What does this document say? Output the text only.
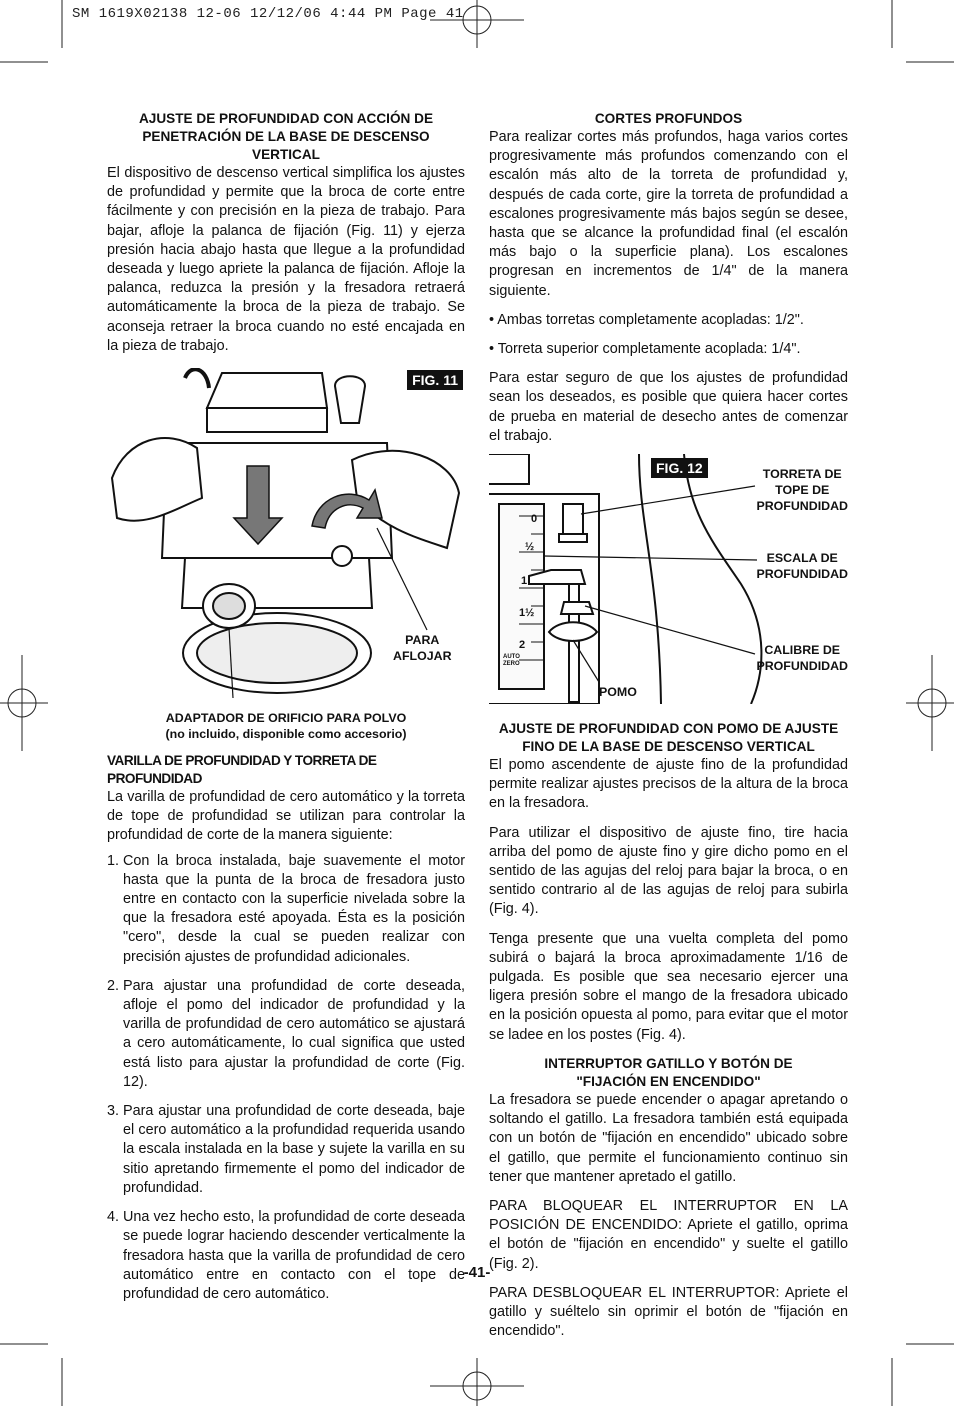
SM 1619X02138 12-06 12/12/06 4:44 PM Page 41
AJUSTE DE PROFUNDIDAD CON ACCIÓN DE
PENETRACIÓN DE LA BASE DE DESCENSO VERTICAL

El dispositivo de descenso vertical simplifica los ajustes de profundidad y permite que la broca de corte entre fácilmente y con precisión en la pieza de trabajo. Para bajar, afloje la palanca de fijación (Fig. 11) y ejerza presión hacia abajo hasta que llegue a la profundidad deseada y luego apriete la palanca de fijación. Afloje la palanca, reduzca la presión y la fresadora retraerá automáticamente la broca de la pieza de trabajo. Se aconseja retraer la broca cuando no esté encajada en la pieza de trabajo.

FIG. 11
PARA
AFLOJAR
ADAPTADOR DE ORIFICIO PARA POLVO
(no incluido, disponible como accesorio)
VARILLA DE PROFUNDIDAD Y TORRETA DE PROFUNDIDAD

La varilla de profundidad de cero automático y la torreta de tope de profundidad se utilizan para controlar la profundidad de corte de la manera siguiente:

1. Con la broca instalada, baje suavemente el motor hasta que la punta de la broca de fresadora justo entre en contacto con la superficie nivelada sobre la que la fresadora esté apoyada. Ésta es la posición "cero", desde la cual se pueden realizar con precisión ajustes de profundidad adicionales.
2. Para ajustar una profundidad de corte deseada, afloje el pomo del indicador de profundidad y la varilla de profundidad de cero automático se ajustará a cero automáticamente, lo cual significa que usted está listo para ajustar la profundidad de corte (Fig. 12).
3. Para ajustar una profundidad de corte deseada, baje el cero automático a la profundidad requerida usando la escala instalada en la base y sujete la varilla en su sitio apretando firmemente el pomo del indicador de profundidad.
4. Una vez hecho esto, la profundidad de corte deseada se puede lograr haciendo descender verticalmente la fresadora hasta que la varilla de profundidad de cero automático entre en contacto con el tope de profundidad de cero automático.
CORTES PROFUNDOS

Para realizar cortes más profundos, haga varios cortes progresivamente más profundos comenzando con el escalón más alto de la torreta de profundidad y, después de cada corte, gire la torreta de profundidad a escalones progresivamente más bajos según se desee, hasta que se alcance la profundidad final (el escalón más bajo o la superficie plana). Los escalones progresan en incrementos de 1/4" de la manera siguiente.

• Ambas torretas completamente acopladas: 1/2".

• Torreta superior completamente acoplada: 1/4".

Para estar seguro de que los ajustes de profundidad sean los deseados, es posible que quiera hacer cortes de prueba en material de desecho antes de comenzar el trabajo.

FIG. 12
0
½
1
1½
2
AUTO
ZERO
TORRETA DE
TOPE DE
PROFUNDIDAD
ESCALA DE
PROFUNDIDAD
CALIBRE DE
PROFUNDIDAD
POMO
AJUSTE DE PROFUNDIDAD CON POMO DE AJUSTE
FINO DE LA BASE DE DESCENSO VERTICAL

El pomo ascendente de ajuste fino de la profundidad permite realizar ajustes precisos de la altura de la broca en la fresadora.

Para utilizar el dispositivo de ajuste fino, tire hacia arriba del pomo de ajuste fino y gire dicho pomo en el sentido de las agujas del reloj para bajar la broca, o en sentido contrario al de las agujas de reloj para subirla (Fig. 4).

Tenga presente que una vuelta completa del pomo subirá o bajará la broca aproximadamente 1/16 de pulgada. Es posible que sea necesario ejercer una ligera presión sobre el mango de la fresadora ubicado en la posición opuesta al pomo, para evitar que el motor se ladee en los postes (Fig. 4).

INTERRUPTOR GATILLO Y BOTÓN DE
"FIJACIÓN EN ENCENDIDO"

La fresadora se puede encender o apagar apretando o soltando el gatillo. La fresadora también está equipada con un botón de "fijación en encendido" ubicado sobre el gatillo, que permite el funcionamiento continuo sin tener que mantener apretado el gatillo.

PARA BLOQUEAR EL INTERRUPTOR EN LA POSICIÓN DE ENCENDIDO: Apriete el gatillo, oprima el botón de "fijación en encendido" y suelte el gatillo (Fig. 2).

PARA DESBLOQUEAR EL INTERRUPTOR: Apriete el gatillo y suéltelo sin oprimir el botón de "fijación en encendido".

-41-
